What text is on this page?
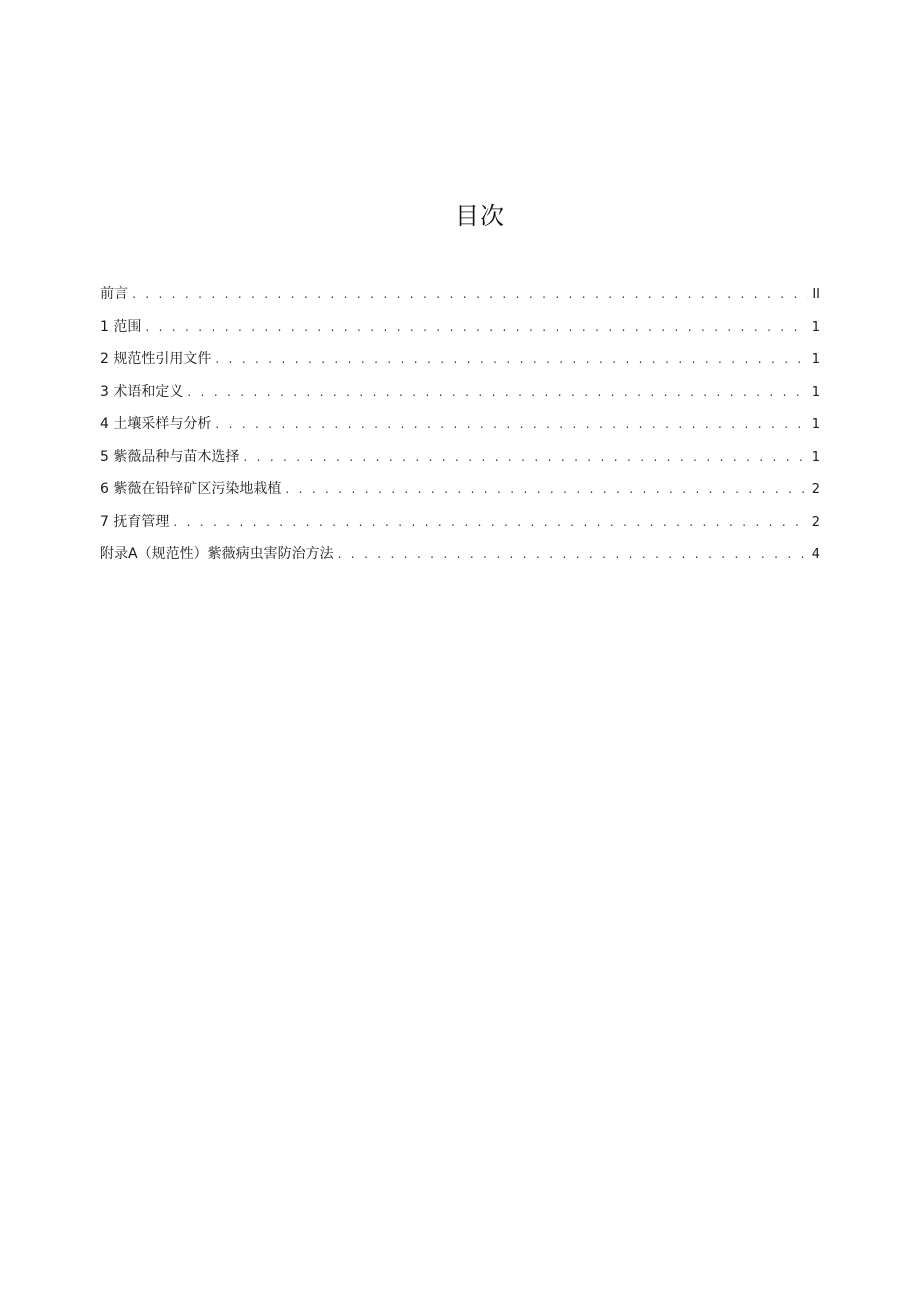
目次
前言 . . .	II
1 范围 . . .	1
2 规范性引用文件 . . .	1
3 术语和定义 . . .	1
4 土壤采样与分析 . . .	1
5 紫薇品种与苗木选择 . . .	1
6 紫薇在铅锌矿区污染地栽植 . . .	2
7 抚育管理 . . .	2
附录A（规范性）紫薇病虫害防治方法 . . .	4
